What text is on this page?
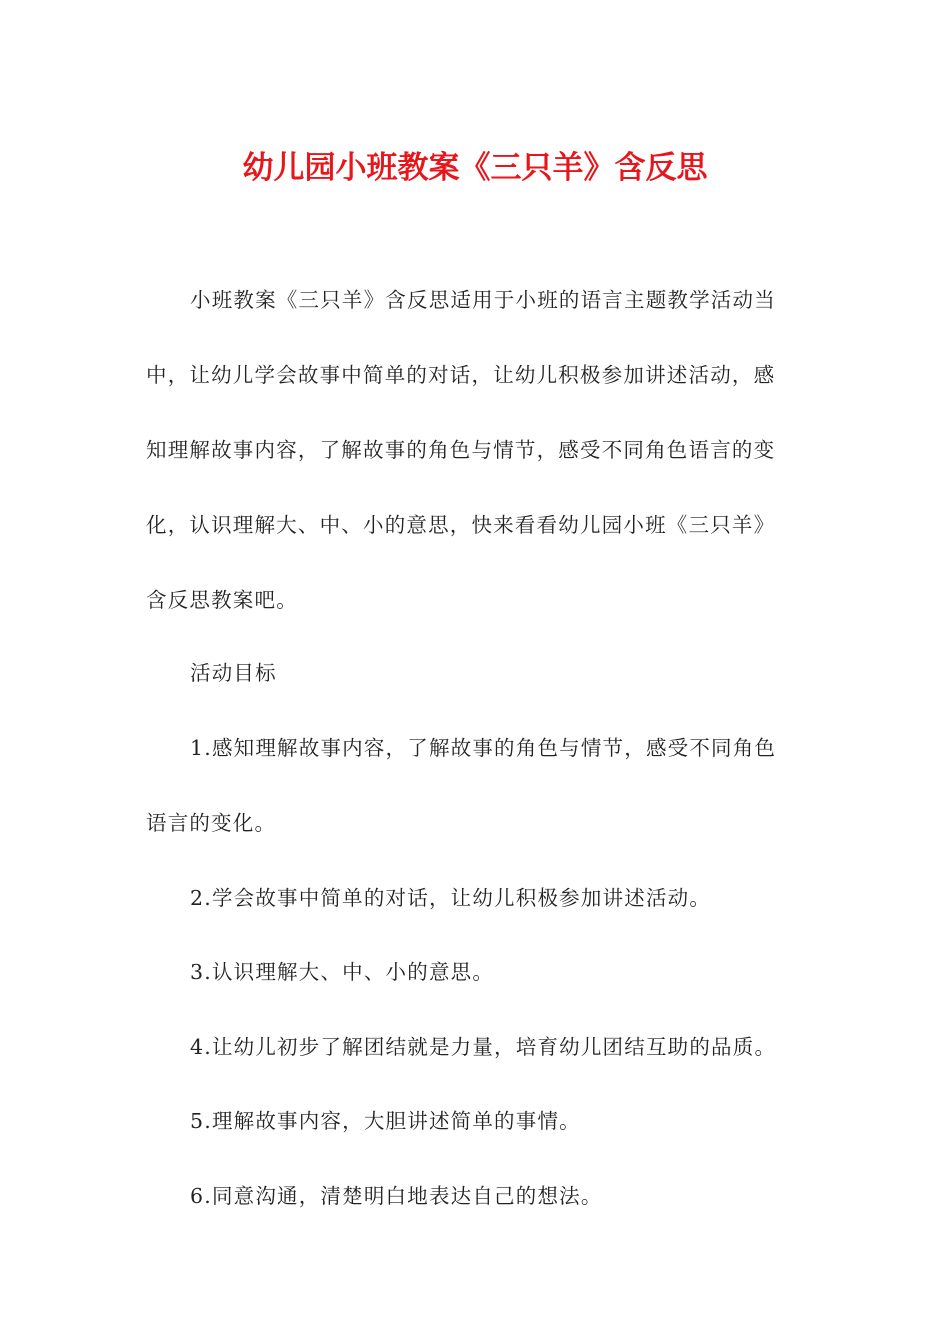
幼儿园小班教案《三只羊》含反思
小班教案《三只羊》含反思适用于小班的语言主题教学活动当
中，让幼儿学会故事中简单的对话，让幼儿积极参加讲述活动，感
知理解故事内容，了解故事的角色与情节，感受不同角色语言的变
化，认识理解大、中、小的意思，快来看看幼儿园小班《三只羊》
含反思教案吧。
活动目标
1.感知理解故事内容，了解故事的角色与情节，感受不同角色
语言的变化。
2.学会故事中简单的对话，让幼儿积极参加讲述活动。
3.认识理解大、中、小的意思。
4.让幼儿初步了解团结就是力量，培育幼儿团结互助的品质。
5.理解故事内容，大胆讲述简单的事情。
6.同意沟通，清楚明白地表达自己的想法。
